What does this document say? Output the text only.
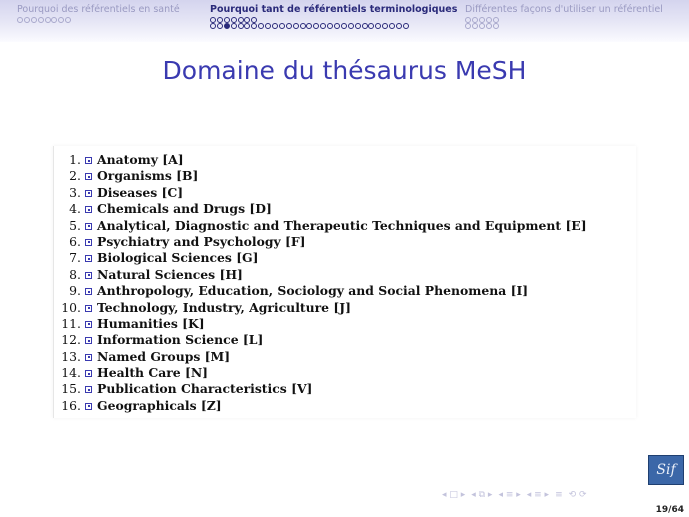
Pourquoi des référentiels en santé	Pourquoi tant de référentiels terminologiques Différentes façons d'utiliser un référentiel
Domaine du thésaurus MeSH
1. Anatomy [A]
2. Organisms [B]
3. Diseases [C]
4. Chemicals and Drugs [D]
5. Analytical, Diagnostic and Therapeutic Techniques and Equipment [E]
6. Psychiatry and Psychology [F]
7. Biological Sciences [G]
8. Natural Sciences [H]
9. Anthropology, Education, Sociology and Social Phenomena [I]
10. Technology, Industry, Agriculture [J]
11. Humanities [K]
12. Information Science [L]
13. Named Groups [M]
14. Health Care [N]
15. Publication Characteristics [V]
16. Geographicals [Z]
Sif
◂ □ ▸ ◂ ⧉ ▸ ◂ ≡ ▸ ◂ ≡ ▸ ≡ ⟲ ⟳
19/64
